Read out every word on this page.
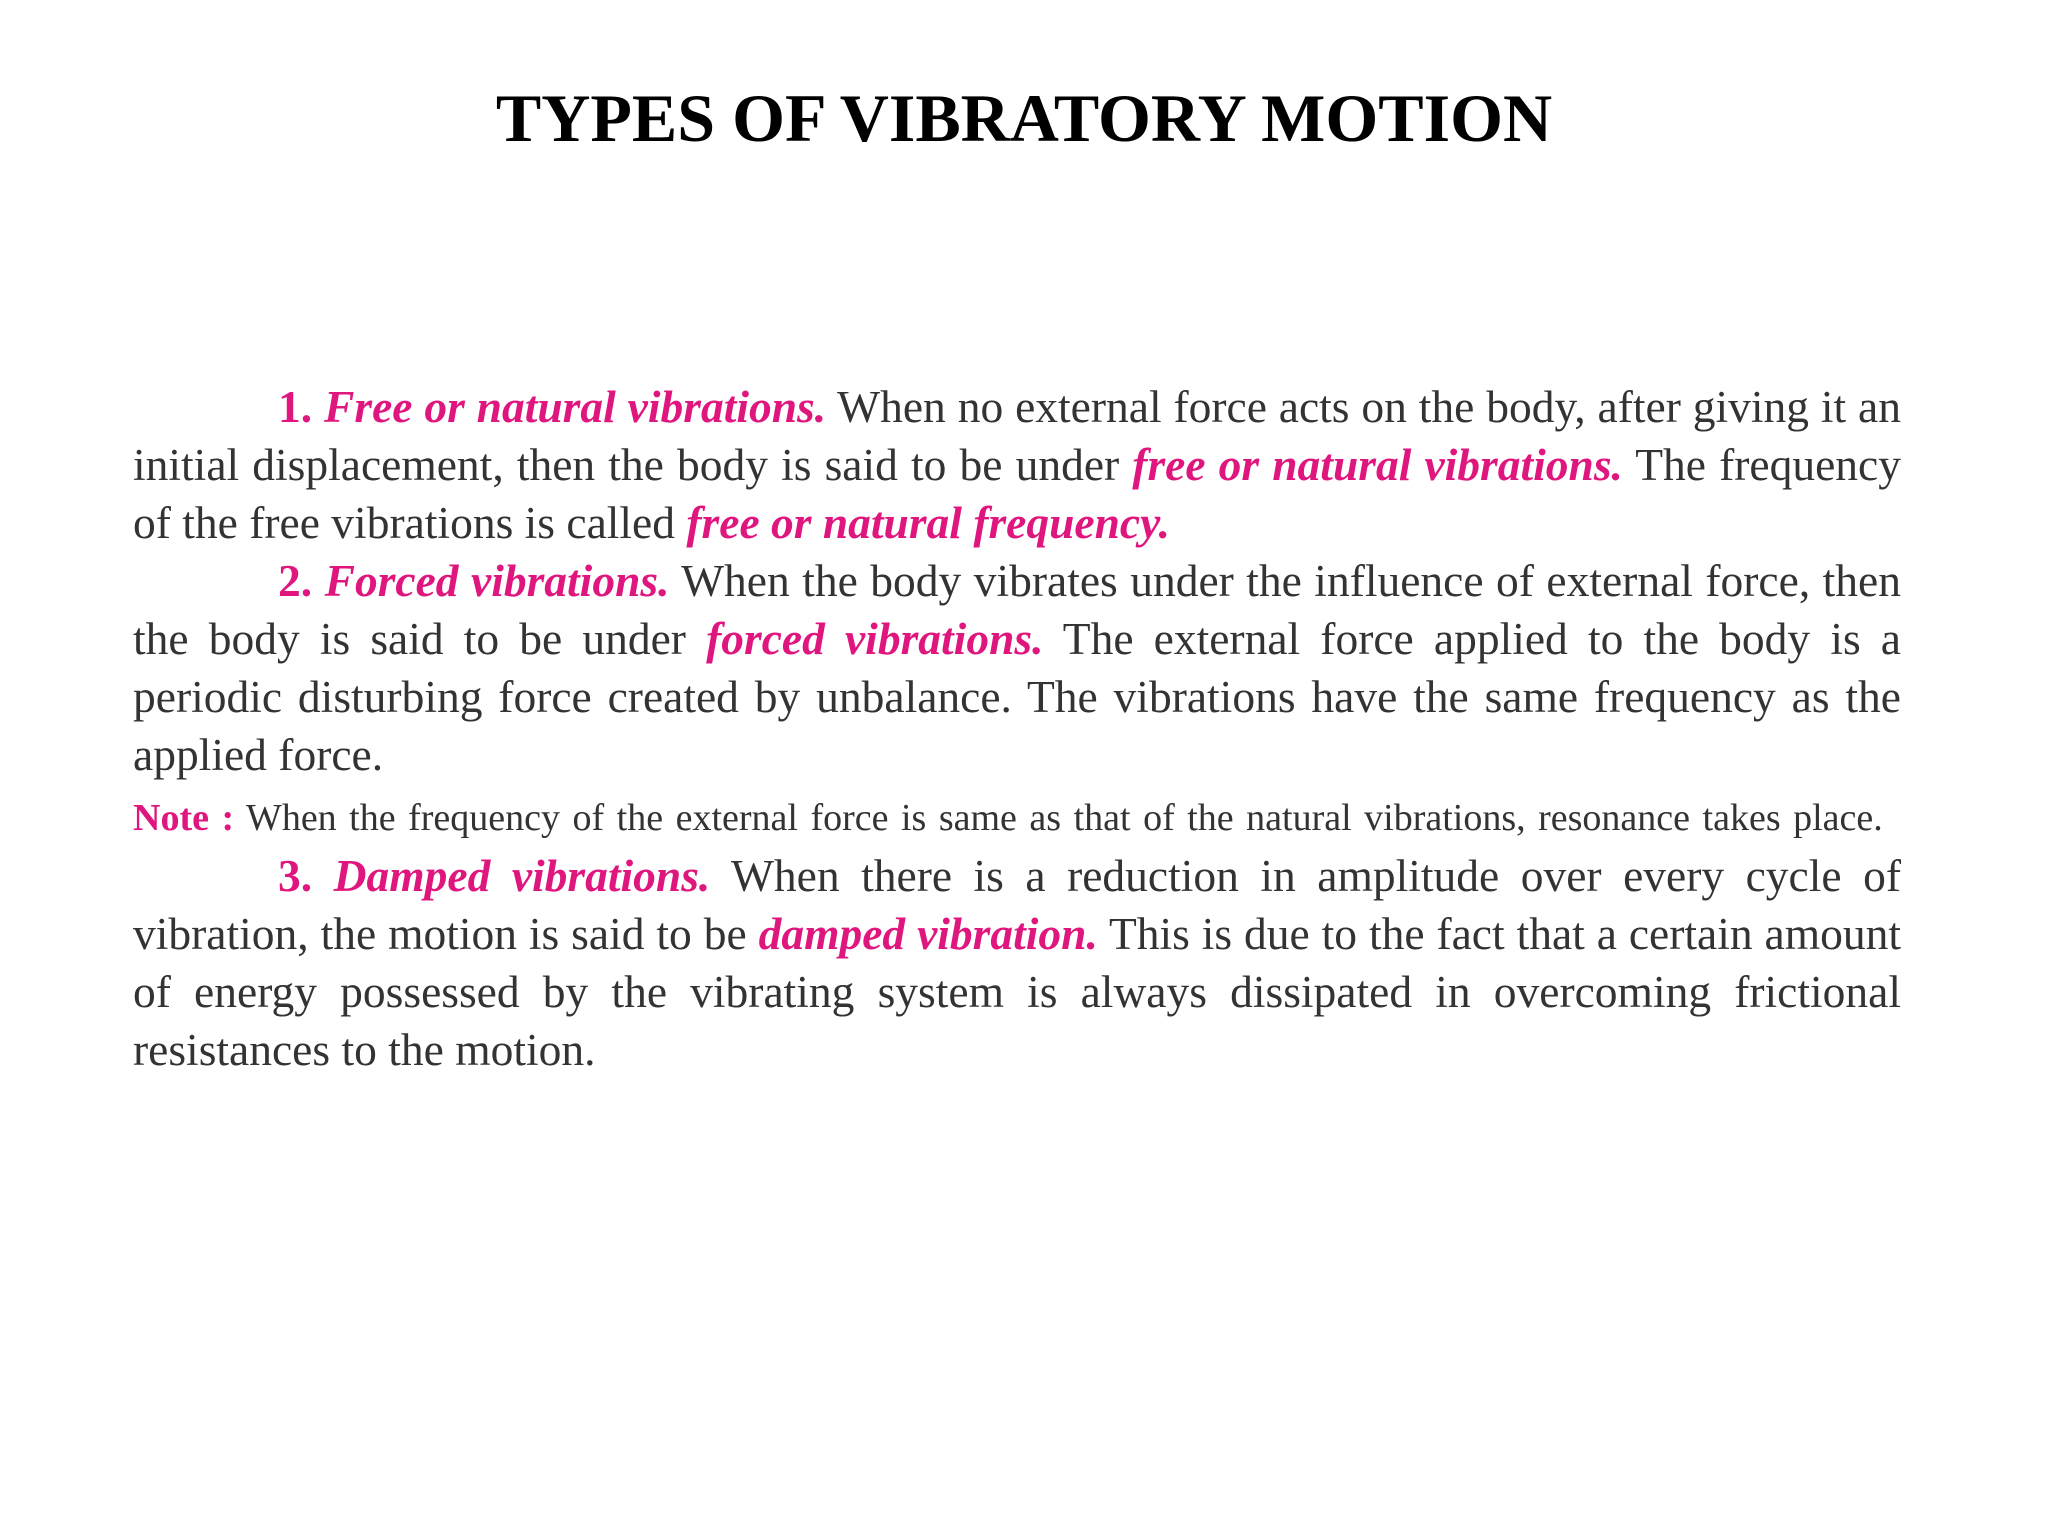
TYPES OF VIBRATORY MOTION

1. Free or natural vibrations. When no external force acts on the body, after giving it an initial displacement, then the body is said to be under free or natural vibrations. The frequency of the free vibrations is called free or natural frequency.

2. Forced vibrations. When the body vibrates under the influence of external force, then the body is said to be under forced vibrations. The external force applied to the body is a periodic disturbing force created by unbalance. The vibrations have the same frequency as the applied force.

Note : When the frequency of the external force is same as that of the natural vibrations, resonance takes place.

3. Damped vibrations. When there is a reduction in amplitude over every cycle of vibration, the motion is said to be damped vibration. This is due to the fact that a certain amount of energy possessed by the vibrating system is always dissipated in overcoming frictional resistances to the motion.
